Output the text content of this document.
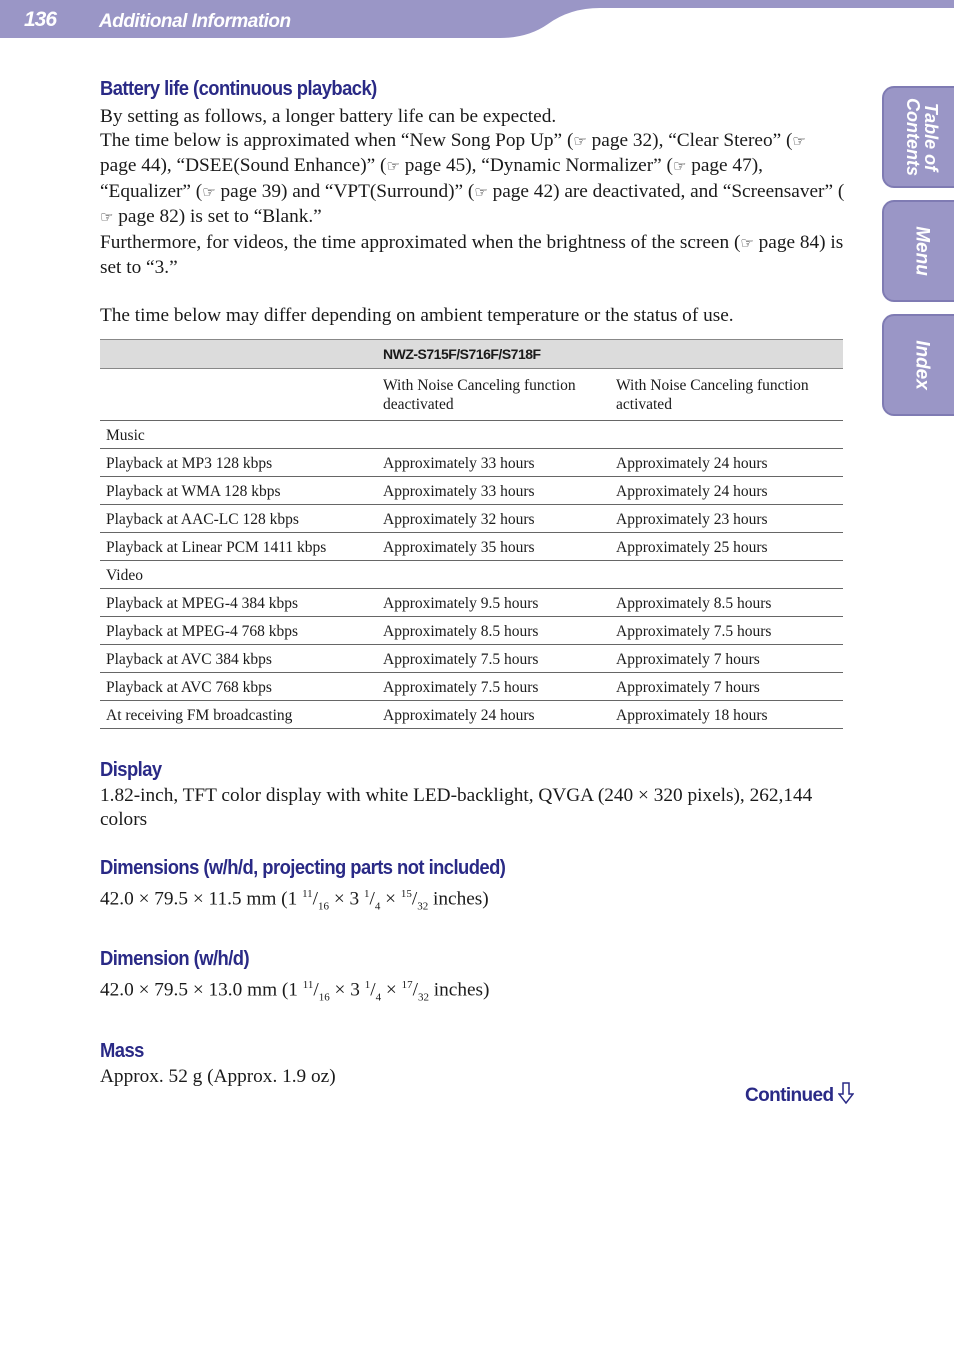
136 Additional Information
Table of Contents
Menu
Index
Battery life (continuous playback)

By setting as follows, a longer battery life can be expected.

The time below is approximated when “New Song Pop Up” (☞ page 32), “Clear Stereo” (☞ page 44), “DSEE(Sound Enhance)” (☞ page 45), “Dynamic Normalizer” (☞ page 47), “Equalizer” (☞ page 39) and “VPT(Surround)” (☞ page 42) are deactivated, and “Screensaver” (☞ page 82) is set to “Blank.”

Furthermore, for videos, the time approximated when the brightness of the screen (☞ page 84) is set to “3.”

The time below may differ depending on ambient temperature or the status of use.

	NWZ-S715F/S716F/S718F	
	With Noise Canceling function deactivated	With Noise Canceling function activated
Music		
Playback at MP3 128 kbps	Approximately 33 hours	Approximately 24 hours
Playback at WMA 128 kbps	Approximately 33 hours	Approximately 24 hours
Playback at AAC-LC 128 kbps	Approximately 32 hours	Approximately 23 hours
Playback at Linear PCM 1411 kbps	Approximately 35 hours	Approximately 25 hours
Video		
Playback at MPEG-4 384 kbps	Approximately 9.5 hours	Approximately 8.5 hours
Playback at MPEG-4 768 kbps	Approximately 8.5 hours	Approximately 7.5 hours
Playback at AVC 384 kbps	Approximately 7.5 hours	Approximately 7 hours
Playback at AVC 768 kbps	Approximately 7.5 hours	Approximately 7 hours
At receiving FM broadcasting	Approximately 24 hours	Approximately 18 hours
Display

1.82-inch, TFT color display with white LED-backlight, QVGA (240 × 320 pixels), 262,144 colors

Dimensions (w/h/d, projecting parts not included)

42.0 × 79.5 × 11.5 mm (1 $^{11}/_{16} \times 3$ $^1/_4 \times ^{15}/_{32}$ inches)

Dimension (w/h/d)

42.0 × 79.5 × 13.0 mm (1 $^{11}/_{16} \times 3$ $^1/_4 \times ^{17}/_{32}$ inches)

Mass

Approx. 52 g (Approx. 1.9 oz)

Continued
